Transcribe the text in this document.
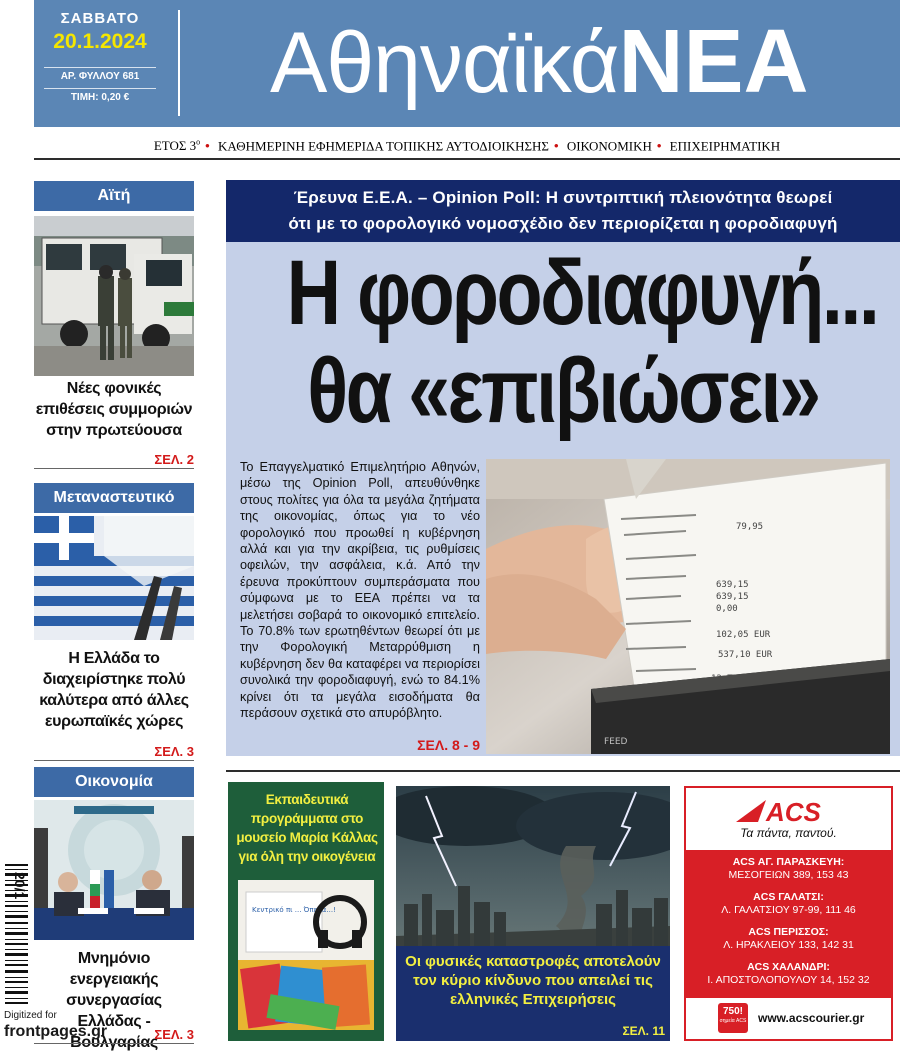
ΣΑΒΒΑΤΟ
20.1.2024
ΑΡ. ΦΥΛΛΟΥ 681
ΤΙΜΗ: 0,20 €	ΑθηναϊκάΝΕΑ
ΕΤΟΣ $3^o$ • ΚΑΘΗΜΕΡΙΝΗ ΕΦΗΜΕΡΙΔΑ ΤΟΠΙΚΗΣ ΑΥΤΟΔΙΟΙΚΗΣΗΣ • ΟΙΚΟΝΟΜΙΚΗ • ΕΠΙΧΕΙΡΗΜΑΤΙΚΗ
Αϊτή
Νέες φονικές επιθέσεις συμμοριών στην πρωτεύουσα
ΣΕΛ. 2
Μεταναστευτικό
Η Ελλάδα το διαχειρίστηκε πολύ καλύτερα από άλλες ευρωπαϊκές χώρες
ΣΕΛ. 3
Οικονομία
Μνημόνιο ενεργειακής συνεργασίας Ελλάδας - Βουλγαρίας
ΣΕΛ. 3
Έρευνα Ε.Ε.Α. – Opinion Poll: Η συντριπτική πλειονότητα θεωρεί
ότι με το φορολογικό νομοσχέδιο δεν περιορίζεται η φοροδιαφυγή
Η φοροδιαφυγή...
θα «επιβιώσει»
Το Επαγγελματικό Επιμελητήριο Αθηνών, μέσω της Opinion Poll, απευθύνθηκε στους πολίτες για όλα τα μεγάλα ζητήματα της οικονομίας, όπως για το νέο φορολογικό που προωθεί η κυβέρνηση αλλά και για την ακρίβεια, τις ρυθμίσεις οφειλών, την ασφάλεια, κ.ά. Από την έρευνα προκύπτουν συμπεράσματα που σύμφωνα με το ΕΕΑ πρέπει να τα μελετήσει σοβαρά το οικονομικό επιτελείο. Το 70.8% των ερωτηθέντων θεωρεί ότι με την Φορολογική Μεταρρύθμιση η κυβέρνηση δεν θα καταφέρει να περιορίσει συνολικά την φοροδιαφυγή, ενώ το 84.1% κρίνει ότι τα μεγάλα εισοδήματα θα περάσουν σχετικά στο απυρόβλητο.
ΣΕΛ. 8 - 9
79,95
639,15
639,15
0,00
102,05 EUR
537,10 EUR
FEED
Εκπαιδευτικά προγράμματα στο μουσείο Μαρία Κάλλας για όλη την οικογένεια
Κεντρικό πι ... Όπερα...!
Οι φυσικές καταστροφές αποτελούν τον κύριο κίνδυνο που απειλεί τις ελληνικές Επιχειρήσεις
ΣΕΛ. 11
ACS
Τα πάντα, παντού.
ACS ΑΓ. ΠΑΡΑΣΚΕΥΗ:
ΜΕΣΟΓΕΙΩΝ 389, 153 43
ACS ΓΑΛΑΤΣΙ:
Λ. ΓΑΛΑΤΣΙΟΥ 97-99, 111 46
ACS ΠΕΡΙΣΣΟΣ:
Λ. ΗΡΑΚΛΕΙΟΥ 133, 142 31
ACS ΧΑΛΑΝΔΡΙ:
Ι. ΑΠΟΣΤΟΛΟΠΟΥΛΟΥ 14, 152 32
750!
σημεία ACS www.acscourier.gr
20/1
Digitized for
frontpages.gr
